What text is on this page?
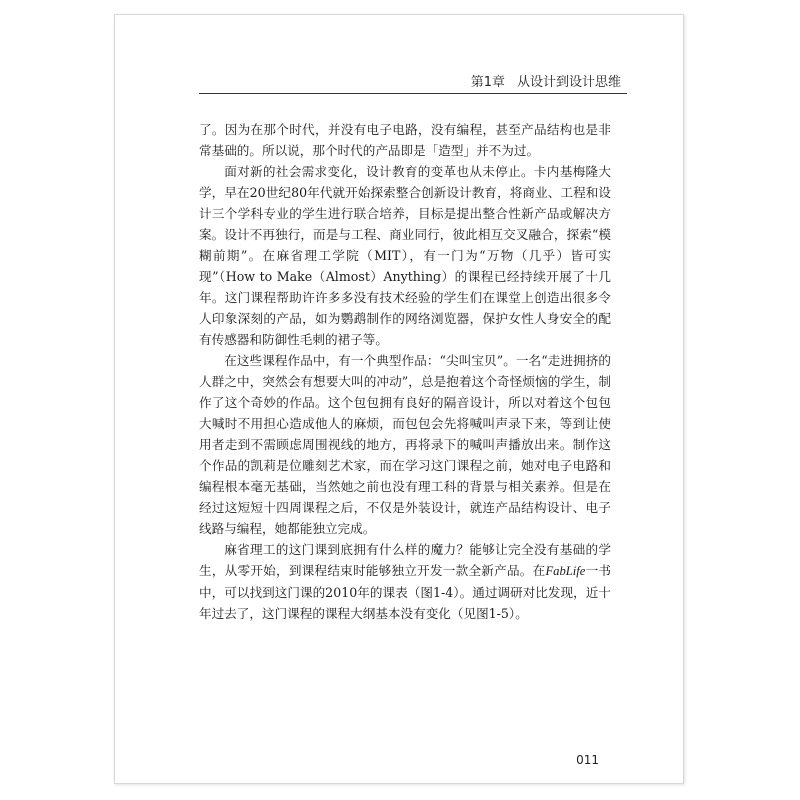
第1章 从设计到设计思维

了。因为在那个时代，并没有电子电路，没有编程，甚至产品结构也是非常基础的。所以说，那个时代的产品即是「造型」并不为过。

面对新的社会需求变化，设计教育的变革也从未停止。卡内基梅隆大学，早在20世纪80年代就开始探索整合创新设计教育，将商业、工程和设计三个学科专业的学生进行联合培养，目标是提出整合性新产品或解决方案。设计不再独行，而是与工程、商业同行，彼此相互交叉融合，探索“模糊前期”。在麻省理工学院（MIT），有一门为“万物（几乎）皆可实现”（How to Make（Almost）Anything）的课程已经持续开展了十几年。这门课程帮助许许多多没有技术经验的学生们在课堂上创造出很多令人印象深刻的产品，如为鹦鹉制作的网络浏览器，保护女性人身安全的配有传感器和防御性毛刺的裙子等。

在这些课程作品中，有一个典型作品：“尖叫宝贝”。一名“走进拥挤的人群之中，突然会有想要大叫的冲动”，总是抱着这个奇怪烦恼的学生，制作了这个奇妙的作品。这个包包拥有良好的隔音设计，所以对着这个包包大喊时不用担心造成他人的麻烦，而包包会先将喊叫声录下来，等到让使用者走到不需顾虑周围视线的地方，再将录下的喊叫声播放出来。制作这个作品的凯莉是位雕刻艺术家，而在学习这门课程之前，她对电子电路和编程根本毫无基础，当然她之前也没有理工科的背景与相关素养。但是在经过这短短十四周课程之后，不仅是外装设计，就连产品结构设计、电子线路与编程，她都能独立完成。

麻省理工的这门课到底拥有什么样的魔力？能够让完全没有基础的学生，从零开始，到课程结束时能够独立开发一款全新产品。在FabLife一书中，可以找到这门课的2010年的课表（图1-4）。通过调研对比发现，近十年过去了，这门课程的课程大纲基本没有变化（见图1-5）。

011
